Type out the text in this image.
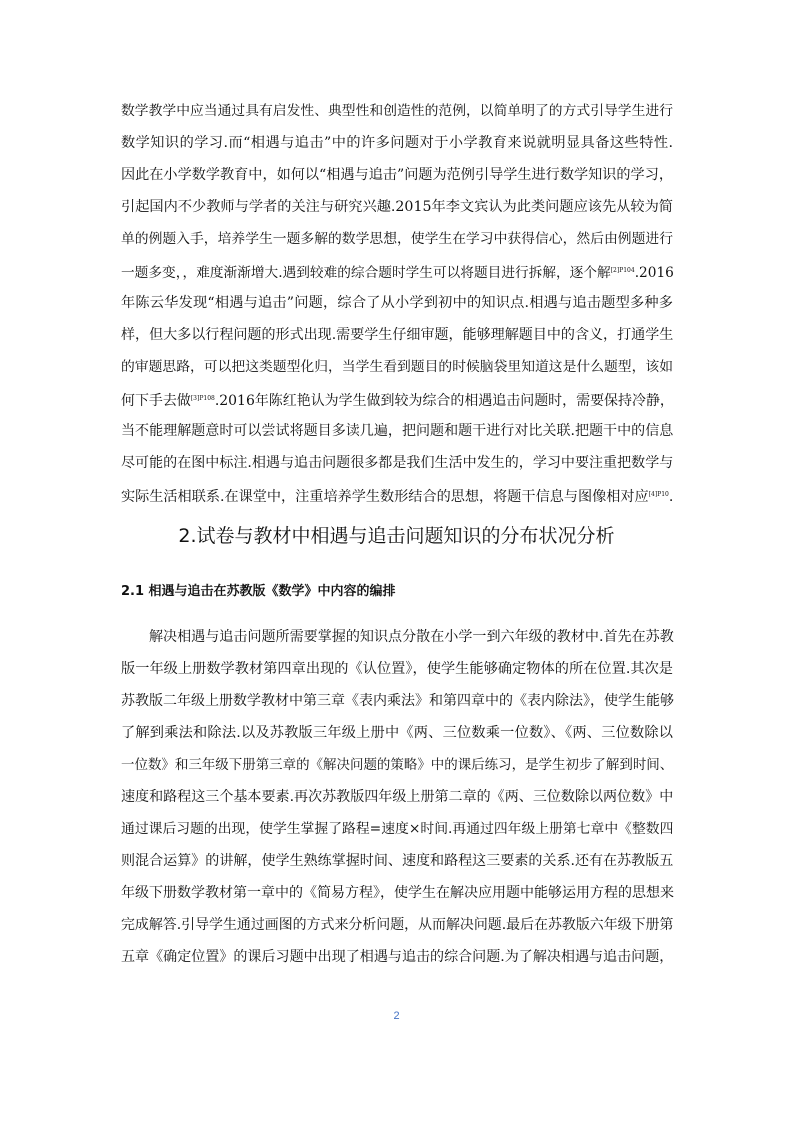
数学教学中应当通过具有启发性、典型性和创造性的范例，以简单明了的方式引导学生进行
数学知识的学习.而“相遇与追击”中的许多问题对于小学教育来说就明显具备这些特性.
因此在小学数学教育中，如何以“相遇与追击”问题为范例引导学生进行数学知识的学习，
引起国内不少教师与学者的关注与研究兴趣.2015年李文宾认为此类问题应该先从较为简
单的例题入手，培养学生一题多解的数学思想，使学生在学习中获得信心，然后由例题进行
一题多变，，难度渐渐增大.遇到较难的综合题时学生可以将题目进行拆解，逐个解$^{[2]P104}$.2016
年陈云华发现“相遇与追击”问题，综合了从小学到初中的知识点.相遇与追击题型多种多
样，但大多以行程问题的形式出现.需要学生仔细审题，能够理解题目中的含义，打通学生
的审题思路，可以把这类题型化归，当学生看到题目的时候脑袋里知道这是什么题型，该如
何下手去做$^{[3]P108}$.2016年陈红艳认为学生做到较为综合的相遇追击问题时，需要保持冷静，
当不能理解题意时可以尝试将题目多读几遍，把问题和题干进行对比关联.把题干中的信息
尽可能的在图中标注.相遇与追击问题很多都是我们生活中发生的，学习中要注重把数学与
实际生活相联系.在课堂中，注重培养学生数形结合的思想，将题干信息与图像相对应$^{[4]P10}$.
2.试卷与教材中相遇与追击问题知识的分布状况分析
2.1 相遇与追击在苏教版《数学》中内容的编排
解决相遇与追击问题所需要掌握的知识点分散在小学一到六年级的教材中.首先在苏教
版一年级上册数学教材第四章出现的《认位置》，使学生能够确定物体的所在位置.其次是
苏教版二年级上册数学教材中第三章《表内乘法》和第四章中的《表内除法》，使学生能够
了解到乘法和除法.以及苏教版三年级上册中《两、三位数乘一位数》、《两、三位数除以
一位数》和三年级下册第三章的《解决问题的策略》中的课后练习，是学生初步了解到时间、
速度和路程这三个基本要素.再次苏教版四年级上册第二章的《两、三位数除以两位数》中
通过课后习题的出现，使学生掌握了路程=速度×时间.再通过四年级上册第七章中《整数四
则混合运算》的讲解，使学生熟练掌握时间、速度和路程这三要素的关系.还有在苏教版五
年级下册数学教材第一章中的《简易方程》，使学生在解决应用题中能够运用方程的思想来
完成解答.引导学生通过画图的方式来分析问题，从而解决问题.最后在苏教版六年级下册第
五章《确定位置》的课后习题中出现了相遇与追击的综合问题.为了解决相遇与追击问题，
2
